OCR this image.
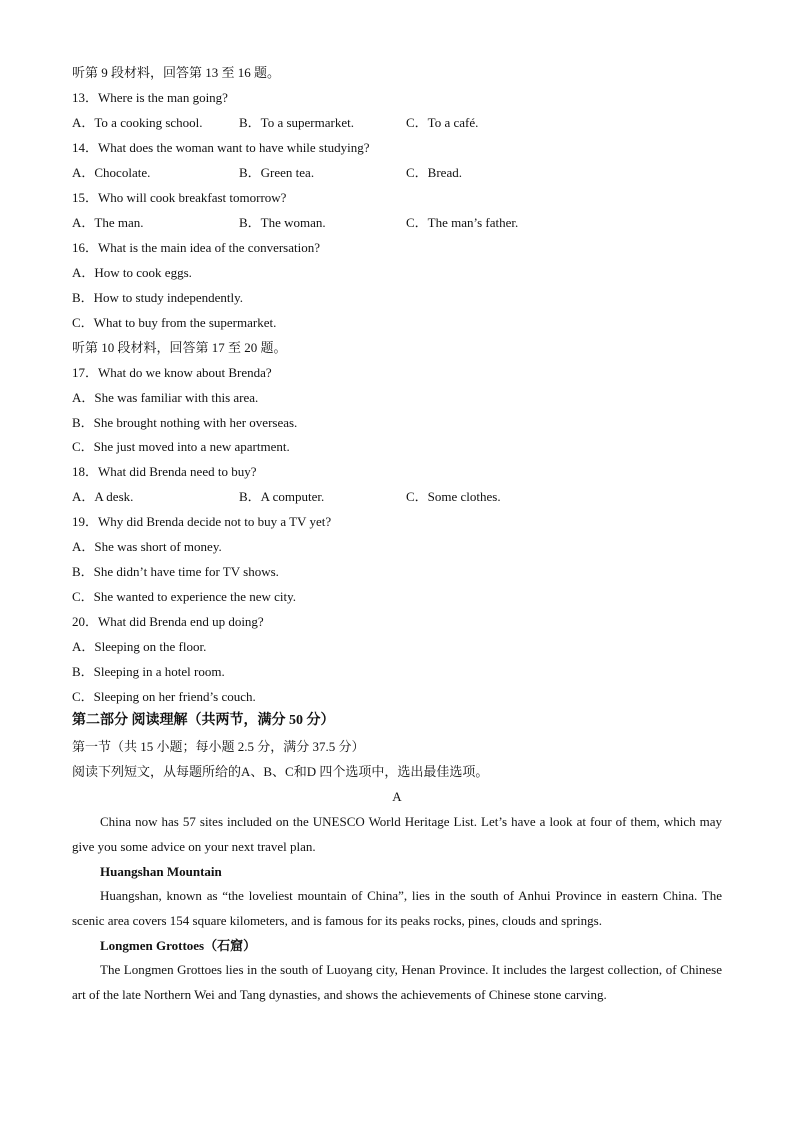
听第 9 段材料，回答第 13 至 16 题。
13．Where is the man going?
A．To a cooking school.	B．To a supermarket.	C．To a café.
14．What does the woman want to have while studying?
A．Chocolate.	B．Green tea.	C．Bread.
15．Who will cook breakfast tomorrow?
A．The man.	B．The woman.	C．The man’s father.
16．What is the main idea of the conversation?
A．How to cook eggs.
B．How to study independently.
C．What to buy from the supermarket.
听第 10 段材料，回答第 17 至 20 题。
17．What do we know about Brenda?
A．She was familiar with this area.
B．She brought nothing with her overseas.
C．She just moved into a new apartment.
18．What did Brenda need to buy?
A．A desk.	B．A computer.	C．Some clothes.
19．Why did Brenda decide not to buy a TV yet?
A．She was short of money.
B．She didn’t have time for TV shows.
C．She wanted to experience the new city.
20．What did Brenda end up doing?
A．Sleeping on the floor.
B．Sleeping in a hotel room.
C．Sleeping on her friend’s couch.
第二部分 阅读理解（共两节，满分 50 分）
第一节（共 15 小题；每小题 2.5 分，满分 37.5 分）
阅读下列短文，从每题所给的A、B、C和D 四个选项中，选出最佳选项。
A
China now has 57 sites included on the UNESCO World Heritage List. Let’s have a look at four of them, which may give you some advice on your next travel plan.
Huangshan Mountain
Huangshan, known as “the loveliest mountain of China”, lies in the south of Anhui Province in eastern China. The scenic area covers 154 square kilometers, and is famous for its peaks rocks, pines, clouds and springs.
Longmen Grottoes（石窟）
The Longmen Grottoes lies in the south of Luoyang city, Henan Province. It includes the largest collection, of Chinese art of the late Northern Wei and Tang dynasties, and shows the achievements of Chinese stone carving.
